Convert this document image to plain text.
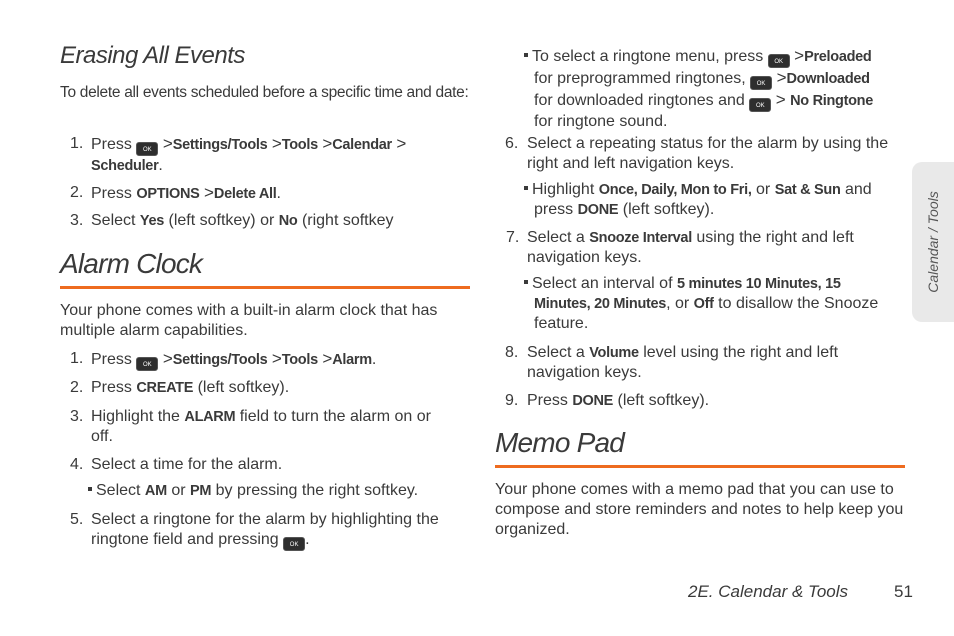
Erasing All Events
To delete all events scheduled before a specific time and date:
1. Press OK >Settings/Tools >Tools >Calendar >
Scheduler.
2. Press OPTIONS >Delete All.
3. Select Yes (left softkey) or No (right softkey
Alarm Clock
Your phone comes with a built-in alarm clock that has multiple alarm capabilities.
1. Press OK >Settings/Tools >Tools >Alarm.
2. Press CREATE (left softkey).
3. Highlight the ALARM field to turn the alarm on or
off.
4. Select a time for the alarm.
Select AM or PM by pressing the right softkey.
5. Select a ringtone for the alarm by highlighting the
ringtone field and pressing OK .
To select a ringtone menu, press OK >Preloaded
for preprogrammed ringtones, OK >Downloaded
for downloaded ringtones and OK > No Ringtone
for ringtone sound.
6. Select a repeating status for the alarm by using the
right and left navigation keys.
Highlight Once, Daily, Mon to Fri, or Sat & Sun and
press DONE (left softkey).
7. Select a Snooze Interval using the right and left
navigation keys.
Select an interval of 5 minutes 10 Minutes, 15
Minutes, 20 Minutes, or Off to disallow the Snooze
feature.
8. Select a Volume level using the right and left
navigation keys.
9. Press DONE (left softkey).
Memo Pad
Your phone comes with a memo pad that you can use to compose and store reminders and notes to help keep you organized.
Calendar / Tools
2E. Calendar & Tools	51
